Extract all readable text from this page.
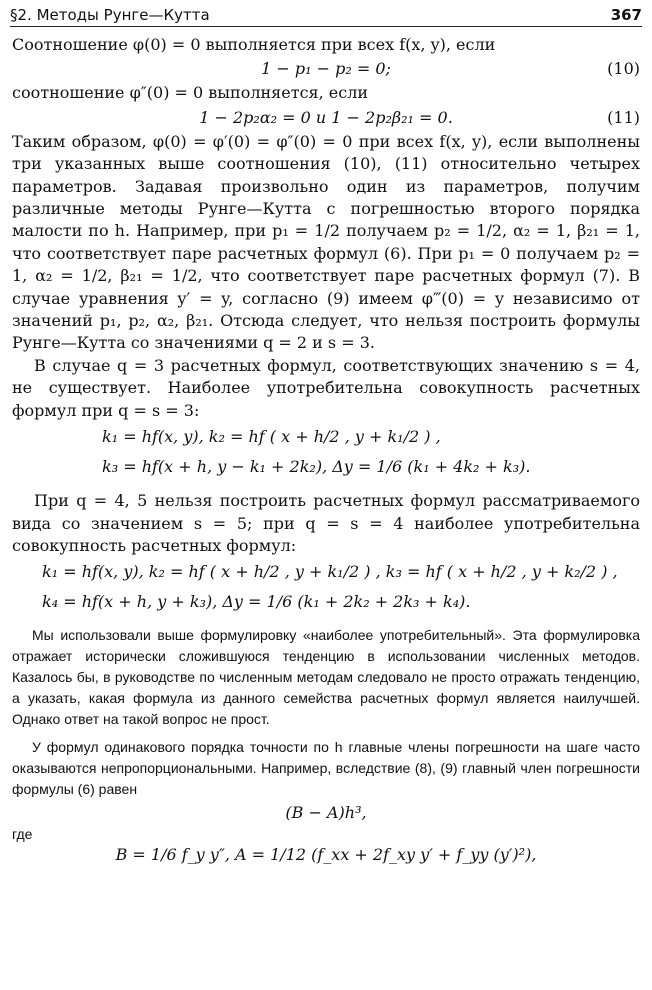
§2. Методы Рунге—Кутта	367

Соотношение φ(0) = 0 выполняется при всех f(x, y), если

1 − p₁ − p₂ = 0;	(10)

соотношение φ″(0) = 0 выполняется, если

1 − 2p₂α₂ = 0 и 1 − 2p₂β₂₁ = 0.	(11)

Таким образом, φ(0) = φ′(0) = φ″(0) = 0 при всех f(x, y), если выполнены три указанных выше соотношения (10), (11) относительно четырех параметров. Задавая произвольно один из параметров, получим различные методы Рунге—Кутта с погрешностью второго порядка малости по h. Например, при p₁ = 1/2 получаем p₂ = 1/2, α₂ = 1, β₂₁ = 1, что соответствует паре расчетных формул (6). При p₁ = 0 получаем p₂ = 1, α₂ = 1/2, β₂₁ = 1/2, что соответствует паре расчетных формул (7). В случае уравнения y′ = y, согласно (9) имеем φ‴(0) = y независимо от значений p₁, p₂, α₂, β₂₁. Отсюда следует, что нельзя построить формулы Рунге—Кутта со значениями q = 2 и s = 3.

В случае q = 3 расчетных формул, соответствующих значению s = 4, не существует. Наиболее употребительна совокупность расчетных формул при q = s = 3:

k₁ = hf(x, y), k₂ = hf ( x + h/2 , y + k₁/2 ) ,
k₃ = hf(x + h, y − k₁ + 2k₂), Δy = 1/6 (k₁ + 4k₂ + k₃).

При q = 4, 5 нельзя построить расчетных формул рассматриваемого вида со значением s = 5; при q = s = 4 наиболее употребительна совокупность расчетных формул:

k₁ = hf(x, y), k₂ = hf ( x + h/2 , y + k₁/2 ) , k₃ = hf ( x + h/2 , y + k₂/2 ) ,
k₄ = hf(x + h, y + k₃), Δy = 1/6 (k₁ + 2k₂ + 2k₃ + k₄).
Мы использовали выше формулировку «наиболее употребительный». Эта формулировка отражает исторически сложившуюся тенденцию в использовании численных методов. Казалось бы, в руководстве по численным методам следовало не просто отражать тенденцию, а указать, какая формула из данного семейства расчетных формул является наилучшей. Однако ответ на такой вопрос не прост.
У формул одинакового порядка точности по h главные члены погрешности на шаге часто оказываются непропорциональными. Например, вследствие (8), (9) главный член погрешности формулы (6) равен
(B − A)h³,
где
B = 1/6 f_y y″, A = 1/12 (f_xx + 2f_xy y′ + f_yy (y′)²),
